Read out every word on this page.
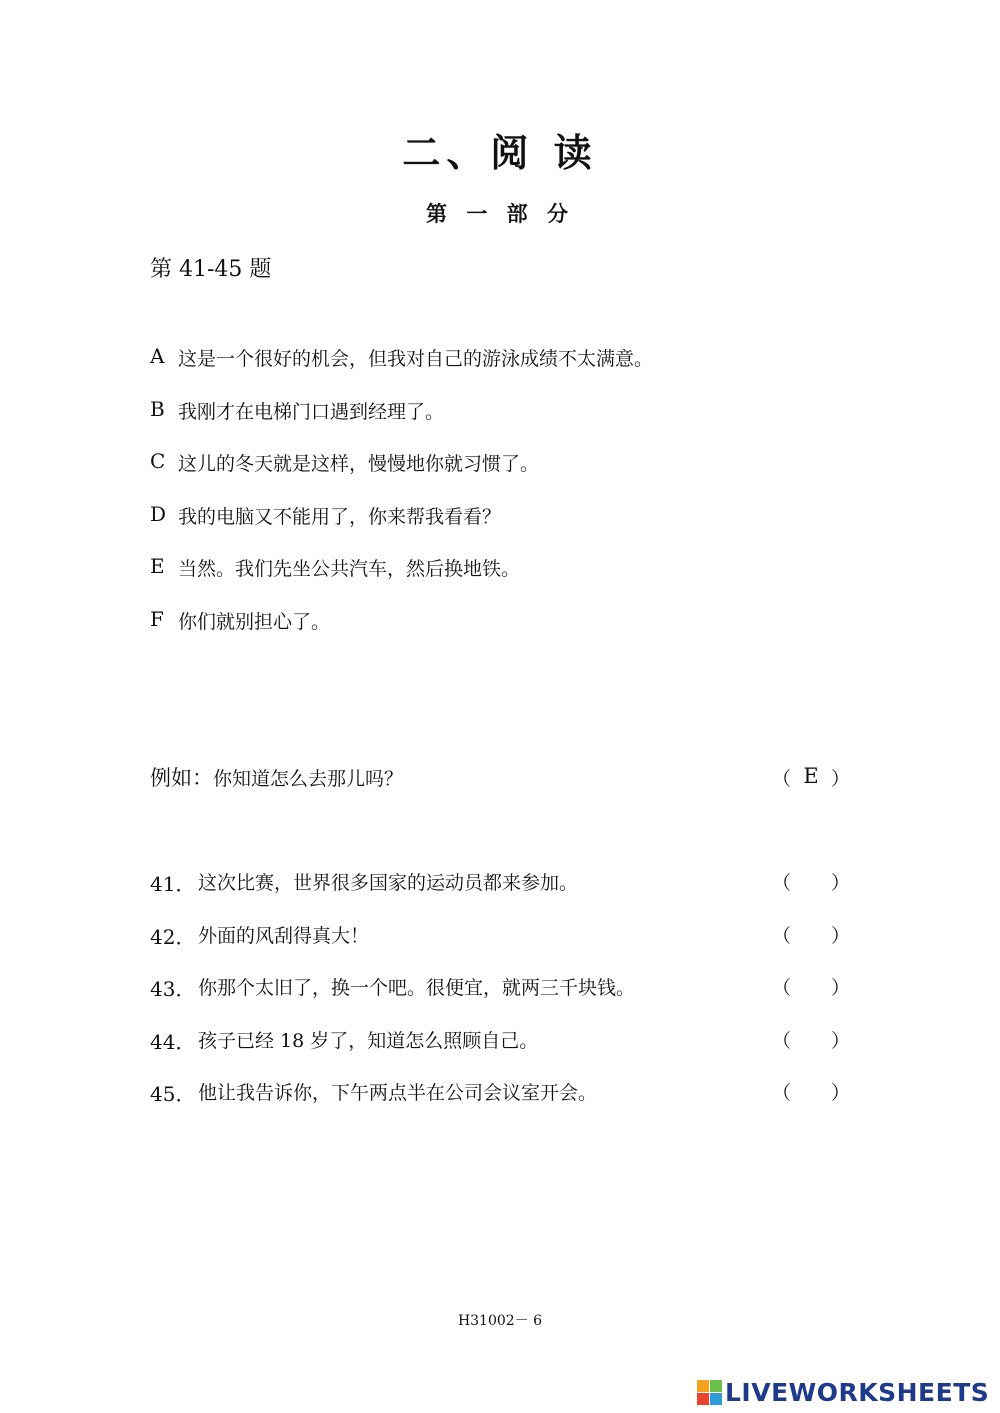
二、阅 读
第 一 部 分
第 41-45 题
A 这是一个很好的机会，但我对自己的游泳成绩不太满意。
B 我刚才在电梯门口遇到经理了。
C 这儿的冬天就是这样，慢慢地你就习惯了。
D 我的电脑又不能用了，你来帮我看看？
E 当然。我们先坐公共汽车，然后换地铁。
F 你们就别担心了。
例如： 你知道怎么去那儿吗？	（ E ）
41． 这次比赛，世界很多国家的运动员都来参加。	（ ）
42． 外面的风刮得真大！	（ ）
43． 你那个太旧了，换一个吧。很便宜，就两三千块钱。	（ ）
44． 孩子已经 18 岁了，知道怎么照顾自己。	（ ）
45． 他让我告诉你，下午两点半在公司会议室开会。	（ ）
H31002－ 6
LIVEWORKSHEETS
